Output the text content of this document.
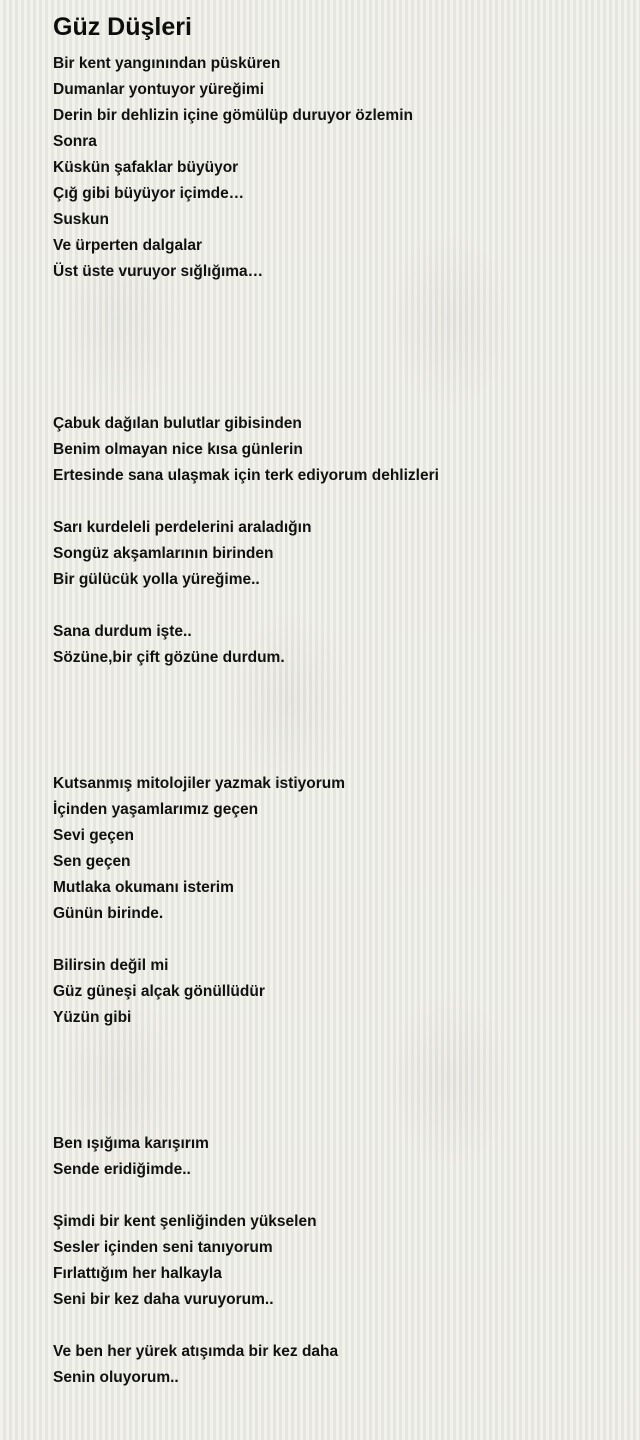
Güz Düşleri
Bir kent yangınından püsküren
Dumanlar yontuyor yüreğimi
Derin bir dehlizin içine gömülüp duruyor özlemin
Sonra
Küskün şafaklar büyüyor
Çığ gibi büyüyor içimde…
Suskun
Ve ürperten dalgalar
Üst üste vuruyor sığlığıma…
Çabuk dağılan bulutlar gibisinden
Benim olmayan nice kısa günlerin
Ertesinde sana ulaşmak için terk ediyorum dehlizleri
Sarı kurdeleli perdelerini araladığın
Songüz akşamlarının birinden
Bir gülücük yolla yüreğime..
Sana durdum işte..
Sözüne,bir çift gözüne durdum.
Kutsanmış mitolojiler yazmak istiyorum
İçinden yaşamlarımız geçen
Sevi geçen
Sen geçen
Mutlaka okumanı isterim
Günün birinde.
Bilirsin değil mi
Güz güneşi alçak gönüllüdür
Yüzün gibi
Ben ışığıma karışırım
Sende eridiğimde..
Şimdi bir kent şenliğinden yükselen
Sesler içinden seni tanıyorum
Fırlattığım her halkayla
Seni bir kez daha vuruyorum..
Ve ben her yürek atışımda bir kez daha
Senin oluyorum..
